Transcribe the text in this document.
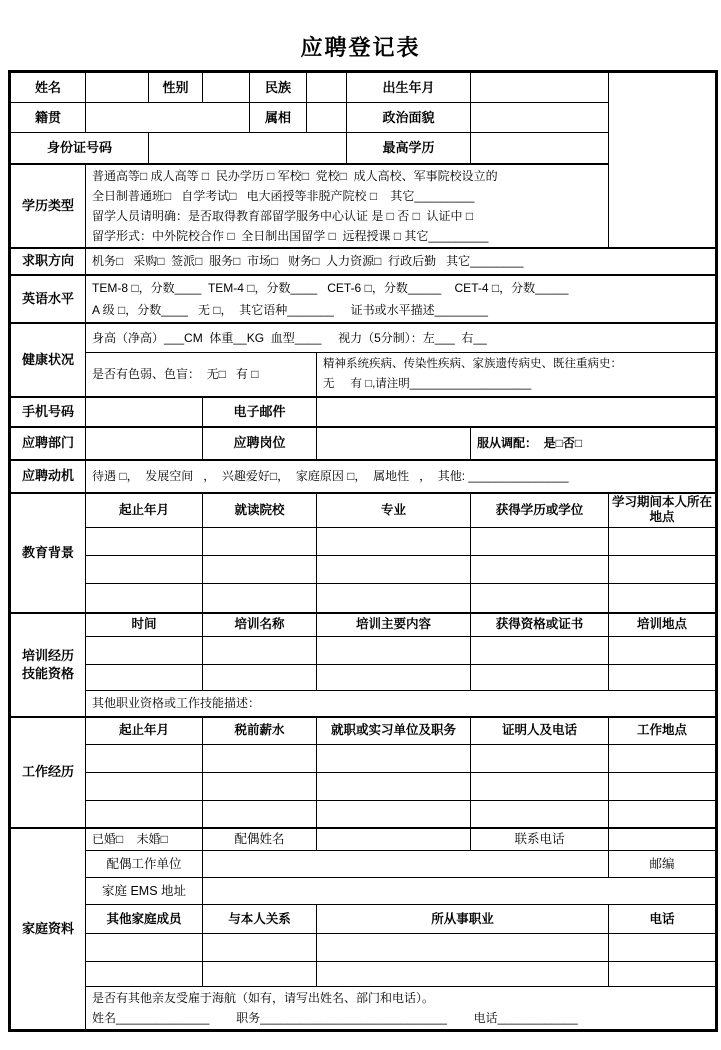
应聘登记表
姓名		性别		民族			出生年月		
籍贯				属相			政治面貌		
身份证号码							最高学历		
学历类型	普通高等□ 成人高等 □  民办学历 □ 军校□  党校□  成人高校、军事院校设立的
全日制普通班□   自学考试□   电大函授等非脱产院校 □    其它_________
留学人员请明确：是否取得教育部留学服务中心认证 是 □ 否 □  认证中 □
留学形式：中外院校合作 □  全日制出国留学 □  远程授课 □ 其它_________								

求职方向	机务□   采购□  签派□  服务□  市场□   财务□  人力资源□  行政后勤   其它________								

英语水平	TEM-8 □，分数____  TEM-4 □，分数____   CET-6 □，分数_____    CET-4 □，分数_____
A 级 □，分数____   无 □，  其它语种_______     证书或水平描述________								

健康状况	身高（净高）___CM  体重__KG  血型____     视力（5分制）：左___  右__								

	是否有色弱、色盲：  无□   有 □					精神系统疾病、传染性疾病、家族遗传病史、既往重病史：
无     有 □,请注明___________________			

手机号码			电子邮件						
应聘部门			应聘岗位					服从调配：  是□否□	

应聘动机	待遇 □，  发展空间   ，  兴趣爱好□，  家庭原因 □，  属地性   ，  其他: _______________								

教育背景	起止年月		就读院校			专业		获得学历或学位	学习期间本人所在地点

培训经历
技能资格	时间		培训名称			培训主要内容		获得资格或证书	培训地点

	其他职业资格或工作技能描述：								

工作经历	起止年月		税前薪水			就职或实习单位及职务		证明人及电话	工作地点

家庭资料	已婚□    未婚□		配偶姓名					联系电话	
	配偶工作单位								邮编
	家庭 EMS 地址								
	其他家庭成员		与本人关系			所从事职业			电话

	是否有其他亲友受雇于海航（如有，请写出姓名、部门和电话）。
姓名______________        职务____________________________        电话____________								
